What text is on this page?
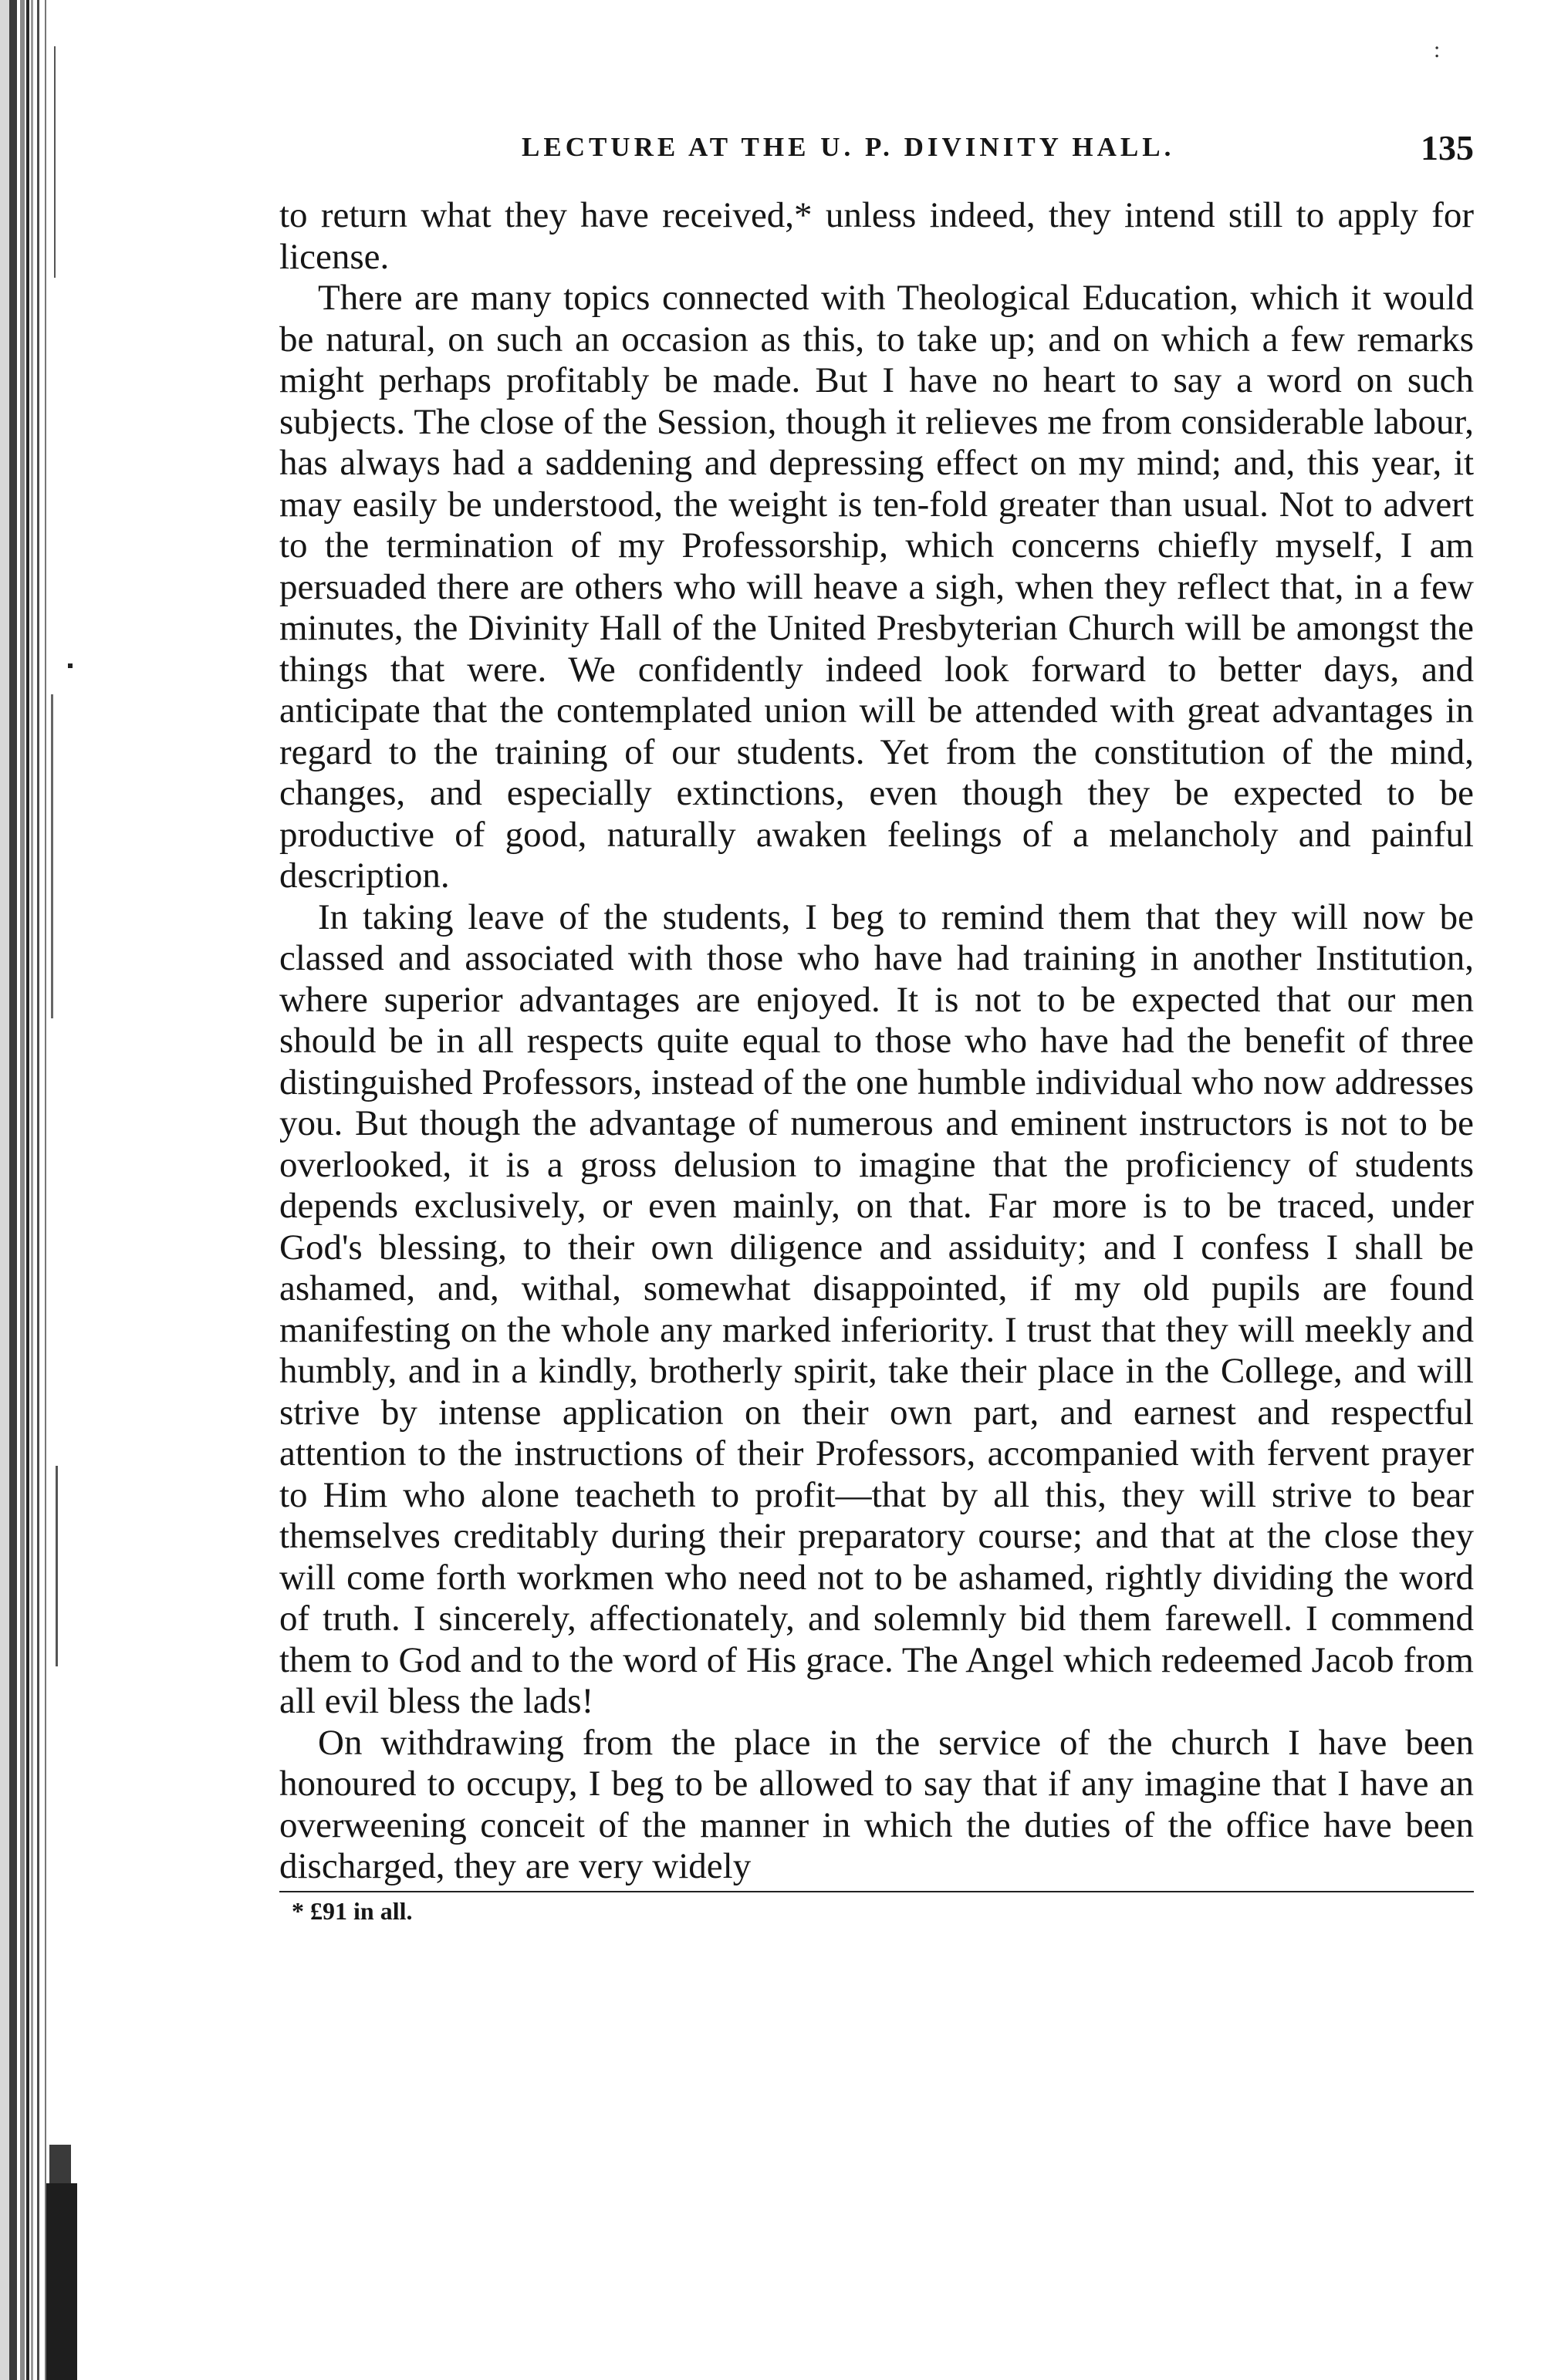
:
LECTURE AT THE U. P. DIVINITY HALL.	135

to return what they have received,* unless indeed, they intend still to apply for license.

There are many topics connected with Theological Education, which it would be natural, on such an occasion as this, to take up; and on which a few remarks might perhaps profitably be made. But I have no heart to say a word on such subjects. The close of the Session, though it relieves me from considerable labour, has always had a saddening and depressing effect on my mind; and, this year, it may easily be understood, the weight is ten-fold greater than usual. Not to advert to the termination of my Professorship, which concerns chiefly myself, I am persuaded there are others who will heave a sigh, when they reflect that, in a few minutes, the Divinity Hall of the United Presbyterian Church will be amongst the things that were. We confidently indeed look forward to better days, and anticipate that the contemplated union will be attended with great advantages in regard to the training of our students. Yet from the constitution of the mind, changes, and especially extinctions, even though they be expected to be productive of good, naturally awaken feelings of a melancholy and painful description.

In taking leave of the students, I beg to remind them that they will now be classed and associated with those who have had training in another Institution, where superior advantages are enjoyed. It is not to be expected that our men should be in all respects quite equal to those who have had the benefit of three distinguished Professors, instead of the one humble individual who now addresses you. But though the advantage of numerous and eminent instructors is not to be overlooked, it is a gross delusion to imagine that the proficiency of students depends exclusively, or even mainly, on that. Far more is to be traced, under God's blessing, to their own diligence and assiduity; and I confess I shall be ashamed, and, withal, somewhat disappointed, if my old pupils are found manifesting on the whole any marked inferiority. I trust that they will meekly and humbly, and in a kindly, brotherly spirit, take their place in the College, and will strive by intense application on their own part, and earnest and respectful attention to the instructions of their Professors, accompanied with fervent prayer to Him who alone teacheth to profit—that by all this, they will strive to bear themselves creditably during their preparatory course; and that at the close they will come forth workmen who need not to be ashamed, rightly dividing the word of truth. I sincerely, affectionately, and solemnly bid them farewell. I commend them to God and to the word of His grace. The Angel which redeemed Jacob from all evil bless the lads!

On withdrawing from the place in the service of the church I have been honoured to occupy, I beg to be allowed to say that if any imagine that I have an overweening conceit of the manner in which the duties of the office have been discharged, they are very widely

* £91 in all.
